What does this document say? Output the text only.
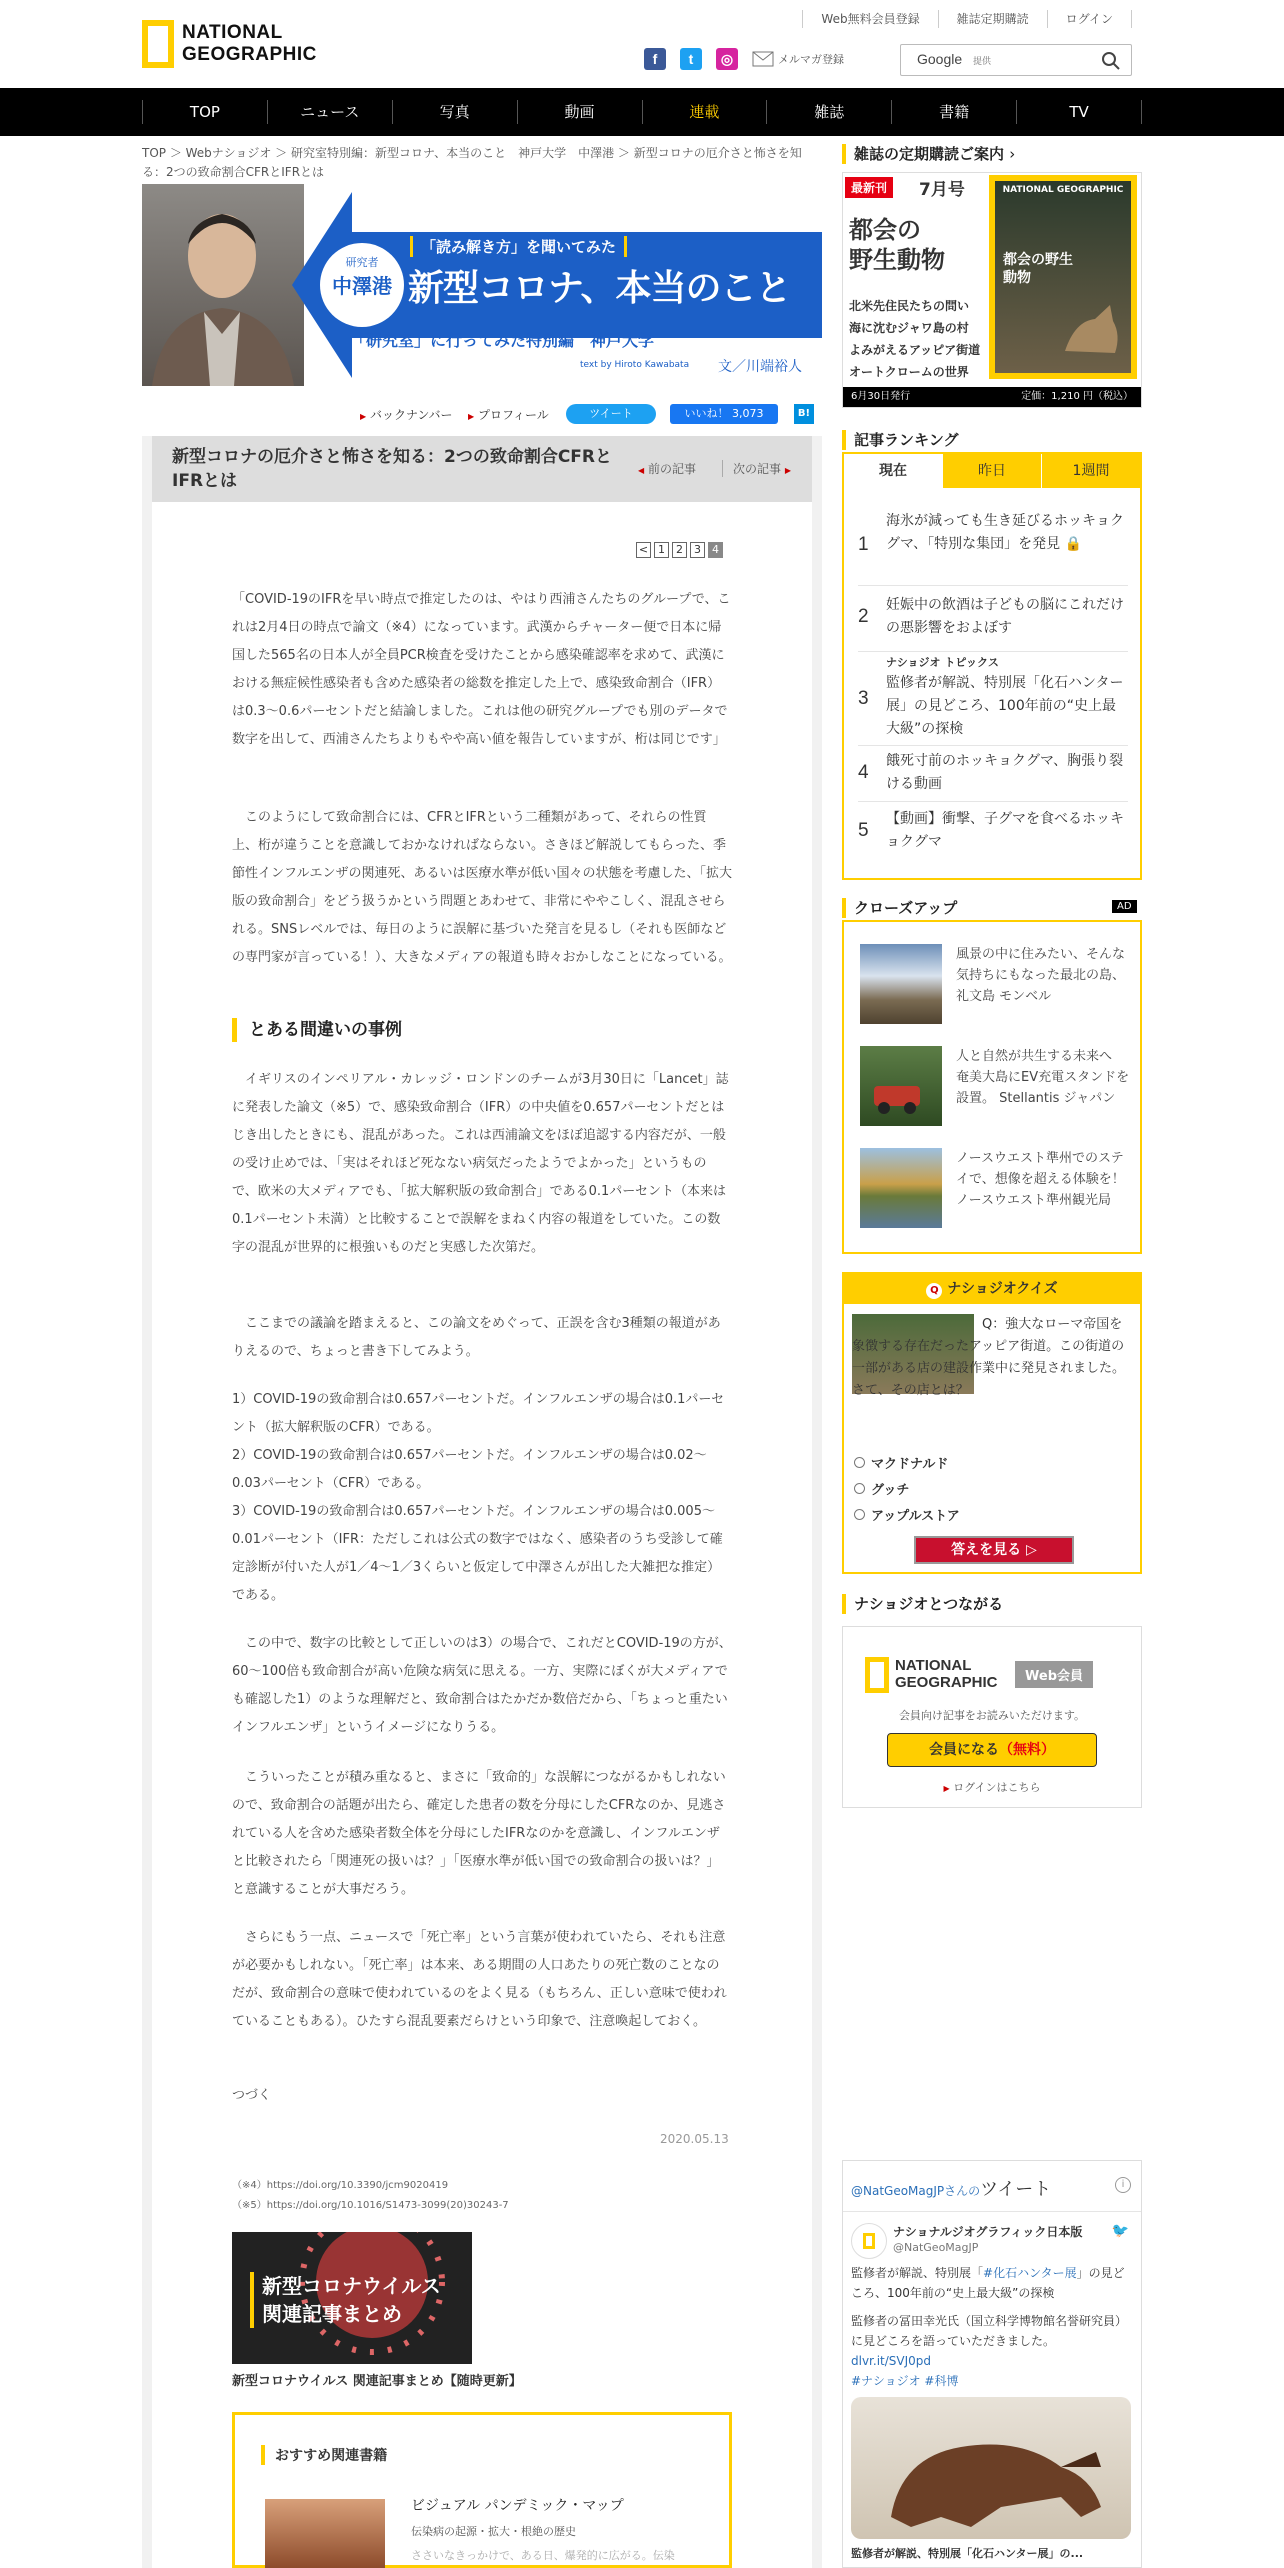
NATIONAL
GEOGRAPHIC
Web無料会員登録	雑誌定期購読	ログイン
f	t	◎	メルマガ登録	Google 提供
TOP	ニュース	写真	動画	連載	雑誌	書籍	TV
TOP ＞ Webナショジオ ＞ 研究室特別編：新型コロナ、本当のこと　神戸大学　中澤港 ＞ 新型コロナの厄介さと怖さを知る：2つの致命割合CFRとIFRとは
研究者
中澤港
「読み解き方」を聞いてみた
新型コロナ、本当のこと
「研究室」に行ってみた特別編　神戸大学
text by Hiroto Kawabata 文／川端裕人
▶ バックナンバー ▶ プロフィール	ツイート	いいね！ 3,073	B!
新型コロナの厄介さと怖さを知る：2つの致命割合CFRとIFRとは
◀ 前の記事	次の記事 ▶
< 1	2	3	4
「COVID-19のIFRを早い時点で推定したのは、やはり西浦さんたちのグループで、これは2月4日の時点で論文（※4）になっています。武漢からチャーター便で日本に帰国した565名の日本人が全員PCR検査を受けたことから感染確認率を求めて、武漢における無症候性感染者も含めた感染者の総数を推定した上で、感染致命割合（IFR）は0.3～0.6パーセントだと結論しました。これは他の研究グループでも別のデータで数字を出して、西浦さんたちよりもやや高い値を報告していますが、桁は同じです」
このようにして致命割合には、CFRとIFRという二種類があって、それらの性質上、桁が違うことを意識しておかなければならない。さきほど解説してもらった、季節性インフルエンザの関連死、あるいは医療水準が低い国々の状態を考慮した、「拡大版の致命割合」をどう扱うかという問題とあわせて、非常にややこしく、混乱させられる。SNSレベルでは、毎日のように誤解に基づいた発言を見るし（それも医師などの専門家が言っている！）、大きなメディアの報道も時々おかしなことになっている。
とある間違いの事例
イギリスのインペリアル・カレッジ・ロンドンのチームが3月30日に「Lancet」誌に発表した論文（※5）で、感染致命割合（IFR）の中央値を0.657パーセントだとはじき出したときにも、混乱があった。これは西浦論文をほぼ追認する内容だが、一般の受け止めでは、「実はそれほど死なない病気だったようでよかった」というもので、欧米の大メディアでも、「拡大解釈版の致命割合」である0.1パーセント（本来は0.1パーセント未満）と比較することで誤解をまねく内容の報道をしていた。この数字の混乱が世界的に根強いものだと実感した次第だ。
ここまでの議論を踏まえると、この論文をめぐって、正誤を含む3種類の報道がありえるので、ちょっと書き下してみよう。
1）COVID-19の致命割合は0.657パーセントだ。インフルエンザの場合は0.1パーセント（拡大解釈版のCFR）である。
2）COVID-19の致命割合は0.657パーセントだ。インフルエンザの場合は0.02～0.03パーセント（CFR）である。
3）COVID-19の致命割合は0.657パーセントだ。インフルエンザの場合は0.005～0.01パーセント（IFR：ただしこれは公式の数字ではなく、感染者のうち受診して確定診断が付いた人が1／4～1／3くらいと仮定して中澤さんが出した大雑把な推定）である。
この中で、数字の比較として正しいのは3）の場合で、これだとCOVID-19の方が、60～100倍も致命割合が高い危険な病気に思える。一方、実際にぼくが大メディアでも確認した1）のような理解だと、致命割合はたかだか数倍だから、「ちょっと重たいインフルエンザ」というイメージになりうる。
こういったことが積み重なると、まさに「致命的」な誤解につながるかもしれないので、致命割合の話題が出たら、確定した患者の数を分母にしたCFRなのか、見逃されている人を含めた感染者数全体を分母にしたIFRなのかを意識し、インフルエンザと比較されたら「関連死の扱いは？」「医療水準が低い国での致命割合の扱いは？」と意識することが大事だろう。
さらにもう一点、ニュースで「死亡率」という言葉が使われていたら、それも注意が必要かもしれない。「死亡率」は本来、ある期間の人口あたりの死亡数のことなのだが、致命割合の意味で使われているのをよく見る（もちろん、正しい意味で使われていることもある）。ひたすら混乱要素だらけという印象で、注意喚起しておく。
つづく
2020.05.13
（※4）https://doi.org/10.3390/jcm9020419
（※5）https://doi.org/10.1016/S1473-3099(20)30243-7
新型コロナウイルス
関連記事まとめ
新型コロナウイルス 関連記事まとめ【随時更新】
おすすめ関連書籍
ビジュアル パンデミック・マップ
伝染病の起源・拡大・根絶の歴史
ささいなきっかけで、ある日、爆発的に広がる。伝染
雑誌の定期購読ご案内 ›
最新刊	7月号
都会の
野生動物
北米先住民たちの問い
海に沈むジャワ島の村
よみがえるアッピア街道
オートクロームの世界
NATIONAL GEOGRAPHIC
都会の野生動物
6月30日発行	定価：1,210 円（税込）
記事ランキング
現在	昨日	1週間
1
海氷が減っても生き延びるホッキョクグマ、「特別な集団」を発見 🔒
2
妊娠中の飲酒は子どもの脳にこれだけの悪影響をおよぼす
3
ナショジオ トピックス
監修者が解説、特別展「化石ハンター展」の見どころ、100年前の“史上最大級”の探検
4
餓死寸前のホッキョクグマ、胸張り裂ける動画
5
【動画】衝撃、子グマを食べるホッキョクグマ
クローズアップ	AD
風景の中に住みたい、そんな気持ちにもなった最北の島、礼文島 モンベル
人と自然が共生する未来へ　奄美大島にEV充電スタンドを設置。 Stellantis ジャパン
ノースウエスト準州でのステイで、想像を超える体験を！ ノースウエスト準州観光局
Q ナショジオクイズ
Q：強大なローマ帝国を象徴する存在だったアッピア街道。この街道の一部がある店の建設作業中に発見されました。さて、その店とは？
マクドナルド
グッチ
アップルストア
答えを見る ▷
ナショジオとつながる
NATIONAL
GEOGRAPHIC	Web会員
会員向け記事をお読みいただけます。
会員になる（無料）
▶ ログインはこちら
@NatGeoMagJPさんのツイート	i
ナショナルジオグラフィック日本版
@NatGeoMagJP
🐦
監修者が解説、特別展「#化石ハンター展」の見どころ、100年前の“史上最大級”の探検
監修者の冨田幸光氏（国立科学博物館名誉研究員）に見どころを語っていただきました。dlvr.it/SVJ0pd
#ナショジオ #科博
監修者が解説、特別展「化石ハンター展」の...
